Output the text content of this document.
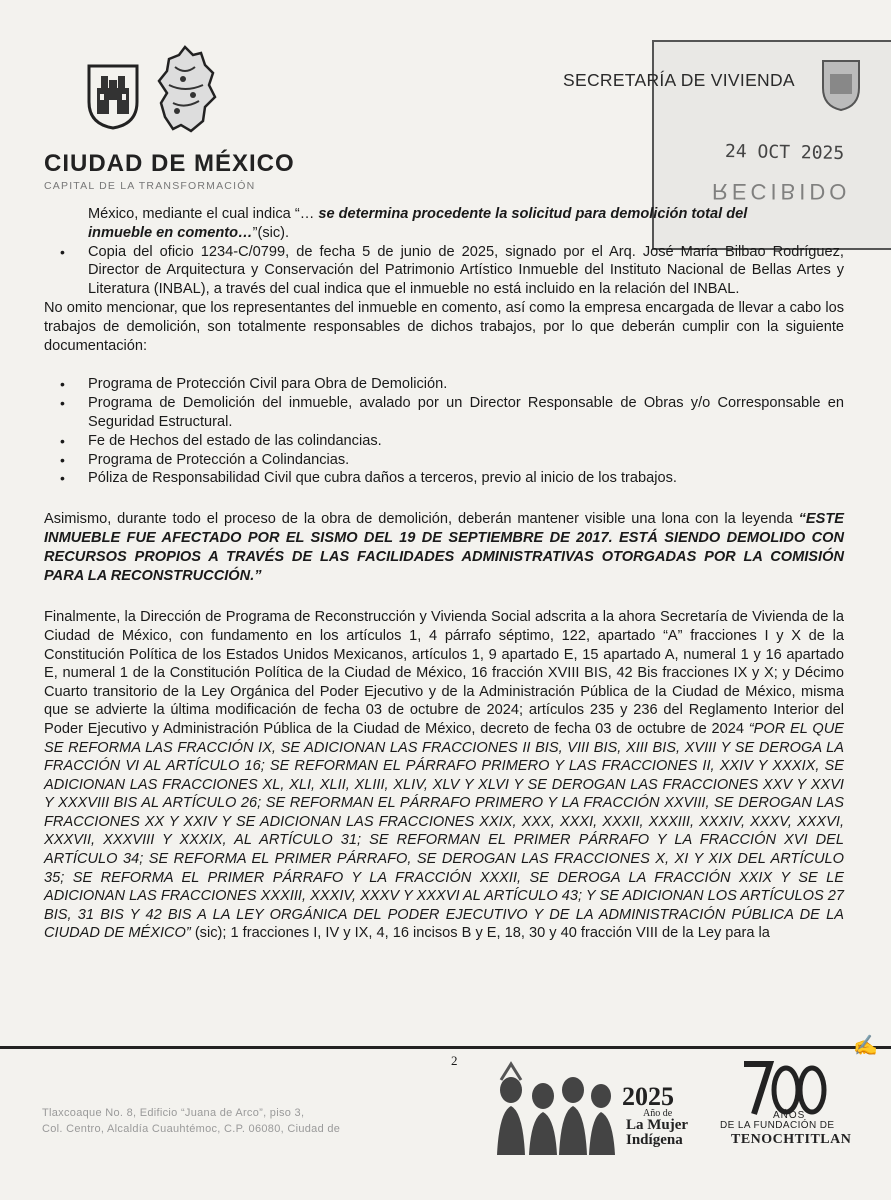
CIUDAD DE MÉXICO
CAPITAL DE LA TRANSFORMACIÓN
SECRETARÍA DE VIVIENDA
24 OCT 2025
RECIBIDO
México, mediante el cual indica “… se determina procedente la solicitud para demolición total del
inmueble en comento…”(sic).
• Copia del oficio 1234-C/0799, de fecha 5 de junio de 2025, signado por el Arq. José María Bilbao Rodríguez, Director de Arquitectura y Conservación del Patrimonio Artístico Inmueble del Instituto Nacional de Bellas Artes y Literatura (INBAL), a través del cual indica que el inmueble no está incluido en la relación del INBAL.
No omito mencionar, que los representantes del inmueble en comento, así como la empresa encargada de llevar a cabo los trabajos de demolición, son totalmente responsables de dichos trabajos, por lo que deberán cumplir con la siguiente documentación:
• Programa de Protección Civil para Obra de Demolición.
• Programa de Demolición del inmueble, avalado por un Director Responsable de Obras y/o Corresponsable en Seguridad Estructural.
• Fe de Hechos del estado de las colindancias.
• Programa de Protección a Colindancias.
• Póliza de Responsabilidad Civil que cubra daños a terceros, previo al inicio de los trabajos.
Asimismo, durante todo el proceso de la obra de demolición, deberán mantener visible una lona con la leyenda “ESTE INMUEBLE FUE AFECTADO POR EL SISMO DEL 19 DE SEPTIEMBRE DE 2017. ESTÁ SIENDO DEMOLIDO CON RECURSOS PROPIOS A TRAVÉS DE LAS FACILIDADES ADMINISTRATIVAS OTORGADAS POR LA COMISIÓN PARA LA RECONSTRUCCIÓN.”
Finalmente, la Dirección de Programa de Reconstrucción y Vivienda Social adscrita a la ahora Secretaría de Vivienda de la Ciudad de México, con fundamento en los artículos 1, 4 párrafo séptimo, 122, apartado “A” fracciones I y X de la Constitución Política de los Estados Unidos Mexicanos, artículos 1, 9 apartado E, 15 apartado A, numeral 1 y 16 apartado E, numeral 1 de la Constitución Política de la Ciudad de México, 16 fracción XVIII BIS, 42 Bis fracciones IX y X; y Décimo Cuarto transitorio de la Ley Orgánica del Poder Ejecutivo y de la Administración Pública de la Ciudad de México, misma que se advierte la última modificación de fecha 03 de octubre de 2024; artículos 235 y 236 del Reglamento Interior del Poder Ejecutivo y Administración Pública de la Ciudad de México, decreto de fecha 03 de octubre de 2024 “POR EL QUE SE REFORMA LAS FRACCIÓN IX, SE ADICIONAN LAS FRACCIONES II BIS, VIII BIS, XIII BIS, XVIII Y SE DEROGA LA FRACCIÓN VI AL ARTÍCULO 16; SE REFORMAN EL PÁRRAFO PRIMERO Y LAS FRACCIONES II, XXIV Y XXXIX, SE ADICIONAN LAS FRACCIONES XL, XLI, XLII, XLIII, XLIV, XLV Y XLVI Y SE DEROGAN LAS FRACCIONES XXV Y XXVI Y XXXVIII BIS AL ARTÍCULO 26; SE REFORMAN EL PÁRRAFO PRIMERO Y LA FRACCIÓN XXVIII, SE DEROGAN LAS FRACCIONES XX Y XXIV Y SE ADICIONAN LAS FRACCIONES XXIX, XXX, XXXI, XXXII, XXXIII, XXXIV, XXXV, XXXVI, XXXVII, XXXVIII Y XXXIX, AL ARTÍCULO 31; SE REFORMAN EL PRIMER PÁRRAFO Y LA FRACCIÓN XVI DEL ARTÍCULO 34; SE REFORMA EL PRIMER PÁRRAFO, SE DEROGAN LAS FRACCIONES X, XI Y XIX DEL ARTÍCULO 35; SE REFORMA EL PRIMER PÁRRAFO Y LA FRACCIÓN XXXII, SE DEROGA LA FRACCIÓN XXIX Y SE LE ADICIONAN LAS FRACCIONES XXXIII, XXXIV, XXXV Y XXXVI AL ARTÍCULO 43; Y SE ADICIONAN LOS ARTÍCULOS 27 BIS, 31 BIS Y 42 BIS A LA LEY ORGÁNICA DEL PODER EJECUTIVO Y DE LA ADMINISTRACIÓN PÚBLICA DE LA CIUDAD DE MÉXICO” (sic); 1 fracciones I, IV y IX, 4, 16 incisos B y E, 18, 30 y 40 fracción VIII de la Ley para la
✍
2
Tlaxcoaque No. 8, Edificio “Juana de Arco”, piso 3,
Col. Centro, Alcaldía Cuauhtémoc, C.P. 06080, Ciudad de
2025
Año de
La Mujer
Indígena
AÑOS
DE LA FUNDACIÓN DE
TENOCHTITLAN
